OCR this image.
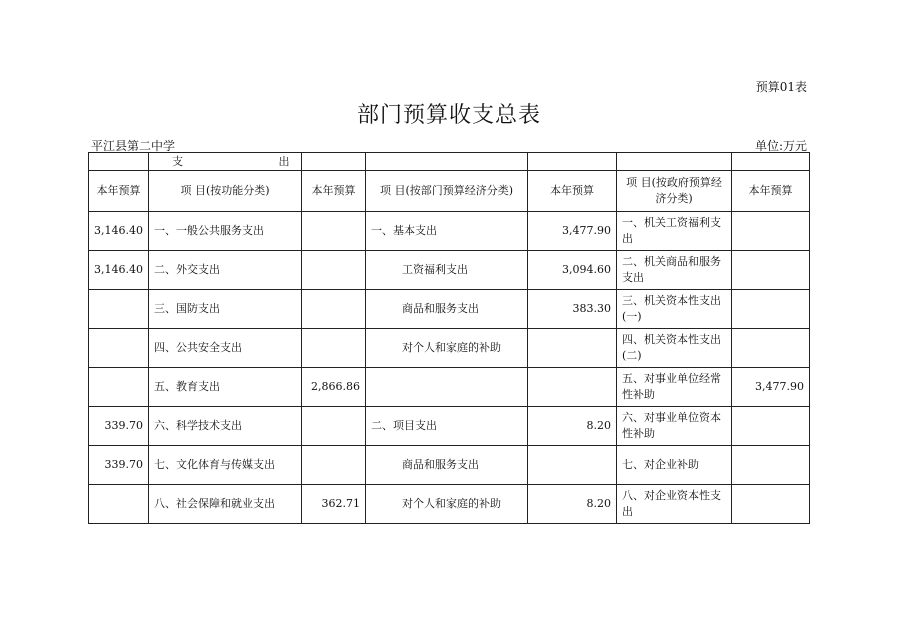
预算01表
部门预算收支总表
平江县第二中学	单位:万元
	支 出					
本年预算	项 目(按功能分类)	本年预算	项 目(按部门预算经济分类)	本年预算	项 目(按政府预算经济分类)	本年预算
3,146.40	一、一般公共服务支出		一、基本支出	3,477.90	一、机关工资福利支出	
3,146.40	二、外交支出		工资福利支出	3,094.60	二、机关商品和服务支出	
	三、国防支出		商品和服务支出	383.30	三、机关资本性支出(一)	
	四、公共安全支出		对个人和家庭的补助		四、机关资本性支出(二)	
	五、教育支出	2,866.86			五、对事业单位经常性补助	3,477.90
339.70	六、科学技术支出		二、项目支出	8.20	六、对事业单位资本性补助	
339.70	七、文化体育与传媒支出		商品和服务支出		七、对企业补助	
	八、社会保障和就业支出	362.71	对个人和家庭的补助	8.20	八、对企业资本性支出	
